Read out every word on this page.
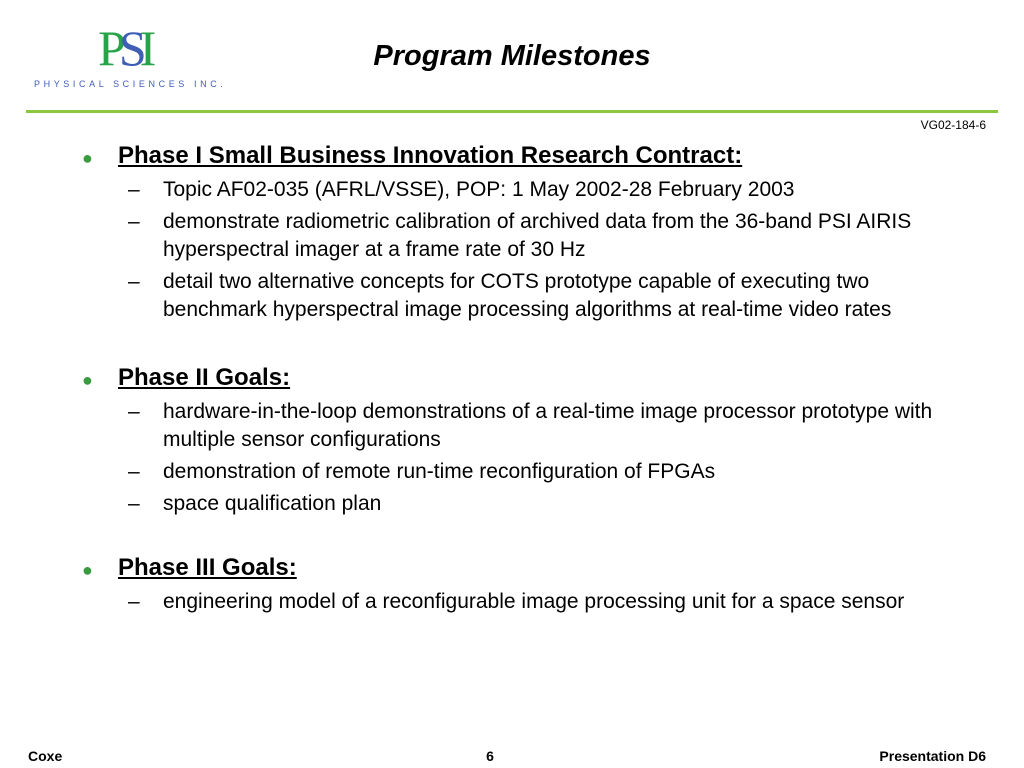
PSI
PHYSICAL SCIENCES INC.
Program Milestones
VG02-184-6
● Phase I Small Business Innovation Research Contract:
– Topic AF02-035 (AFRL/VSSE), POP: 1 May 2002-28 February 2003
– demonstrate radiometric calibration of archived data from the 36-band PSI AIRIS hyperspectral imager at a frame rate of 30 Hz
– detail two alternative concepts for COTS prototype capable of executing two benchmark hyperspectral image processing algorithms at real-time video rates
● Phase II Goals:
– hardware-in-the-loop demonstrations of a real-time image processor prototype with multiple sensor configurations
– demonstration of remote run-time reconfiguration of FPGAs
– space qualification plan
● Phase III Goals:
– engineering model of a reconfigurable image processing unit for a space sensor
Coxe	6	Presentation D6
